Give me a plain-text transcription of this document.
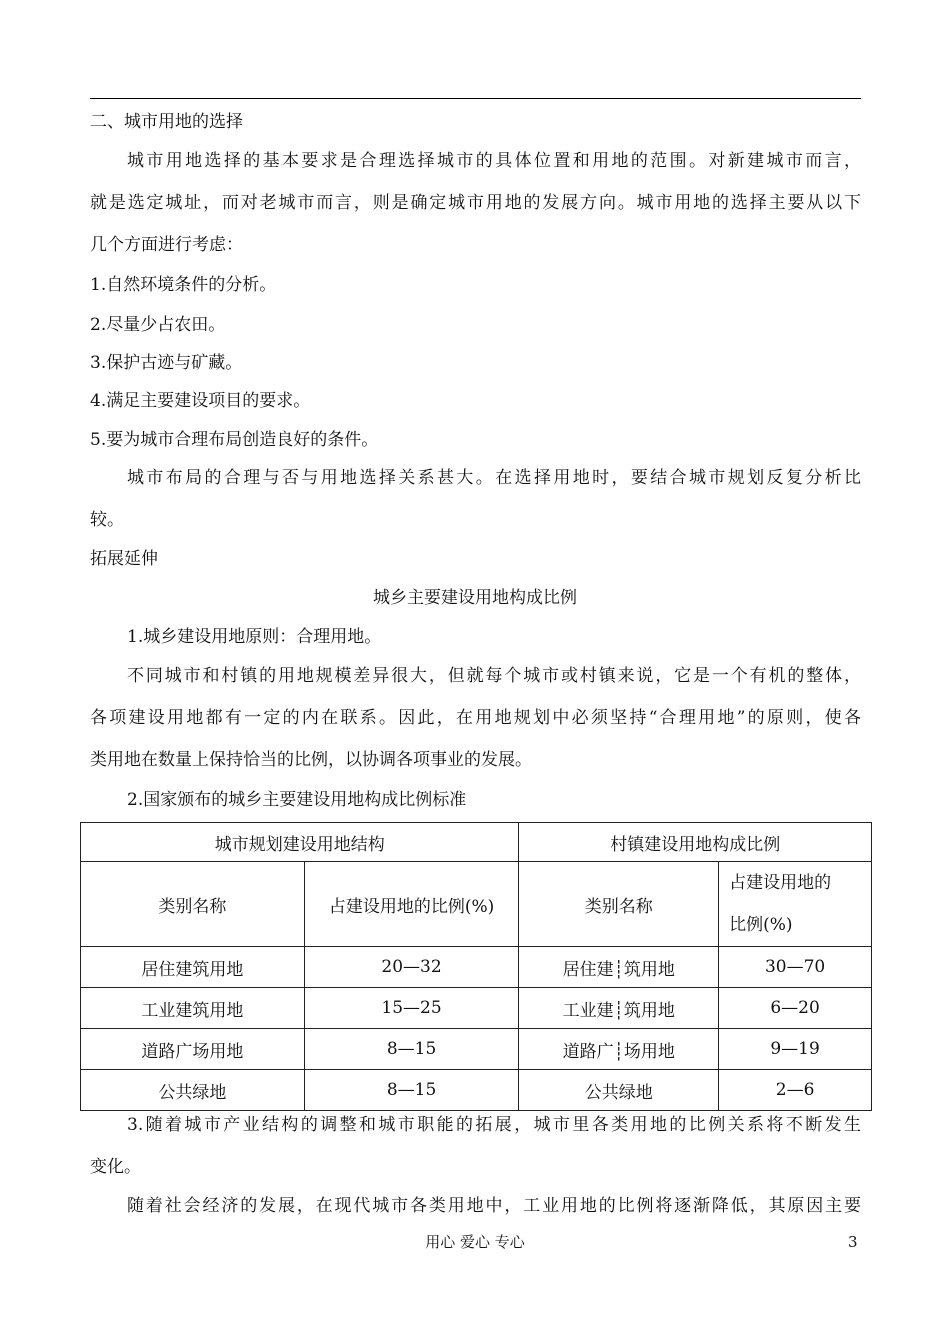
二、城市用地的选择
城市用地选择的基本要求是合理选择城市的具体位置和用地的范围。对新建城市而言，
就是选定城址，而对老城市而言，则是确定城市用地的发展方向。城市用地的选择主要从以下
几个方面进行考虑：
1.自然环境条件的分析。
2.尽量少占农田。
3.保护古迹与矿藏。
4.满足主要建设项目的要求。
5.要为城市合理布局创造良好的条件。
城市布局的合理与否与用地选择关系甚大。在选择用地时，要结合城市规划反复分析比
较。
拓展延伸
城乡主要建设用地构成比例
1.城乡建设用地原则：合理用地。
不同城市和村镇的用地规模差异很大，但就每个城市或村镇来说，它是一个有机的整体，
各项建设用地都有一定的内在联系。因此，在用地规划中必须坚持“合理用地”的原则，使各
类用地在数量上保持恰当的比例，以协调各项事业的发展。
2.国家颁布的城乡主要建设用地构成比例标准
城市规划建设用地结构		村镇建设用地构成比例	
类别名称	占建设用地的比例(%)	类别名称	占建设用地的
比例(%)
居住建筑用地	20—32	居住建┊筑用地	30—70
工业建筑用地	15—25	工业建┊筑用地	6—20
道路广场用地	8—15	道路广┊场用地	9—19
公共绿地	8—15	公共绿地	2—6
3.随着城市产业结构的调整和城市职能的拓展，城市里各类用地的比例关系将不断发生
变化。
随着社会经济的发展，在现代城市各类用地中，工业用地的比例将逐渐降低，其原因主要
用心 爱心 专心	3
